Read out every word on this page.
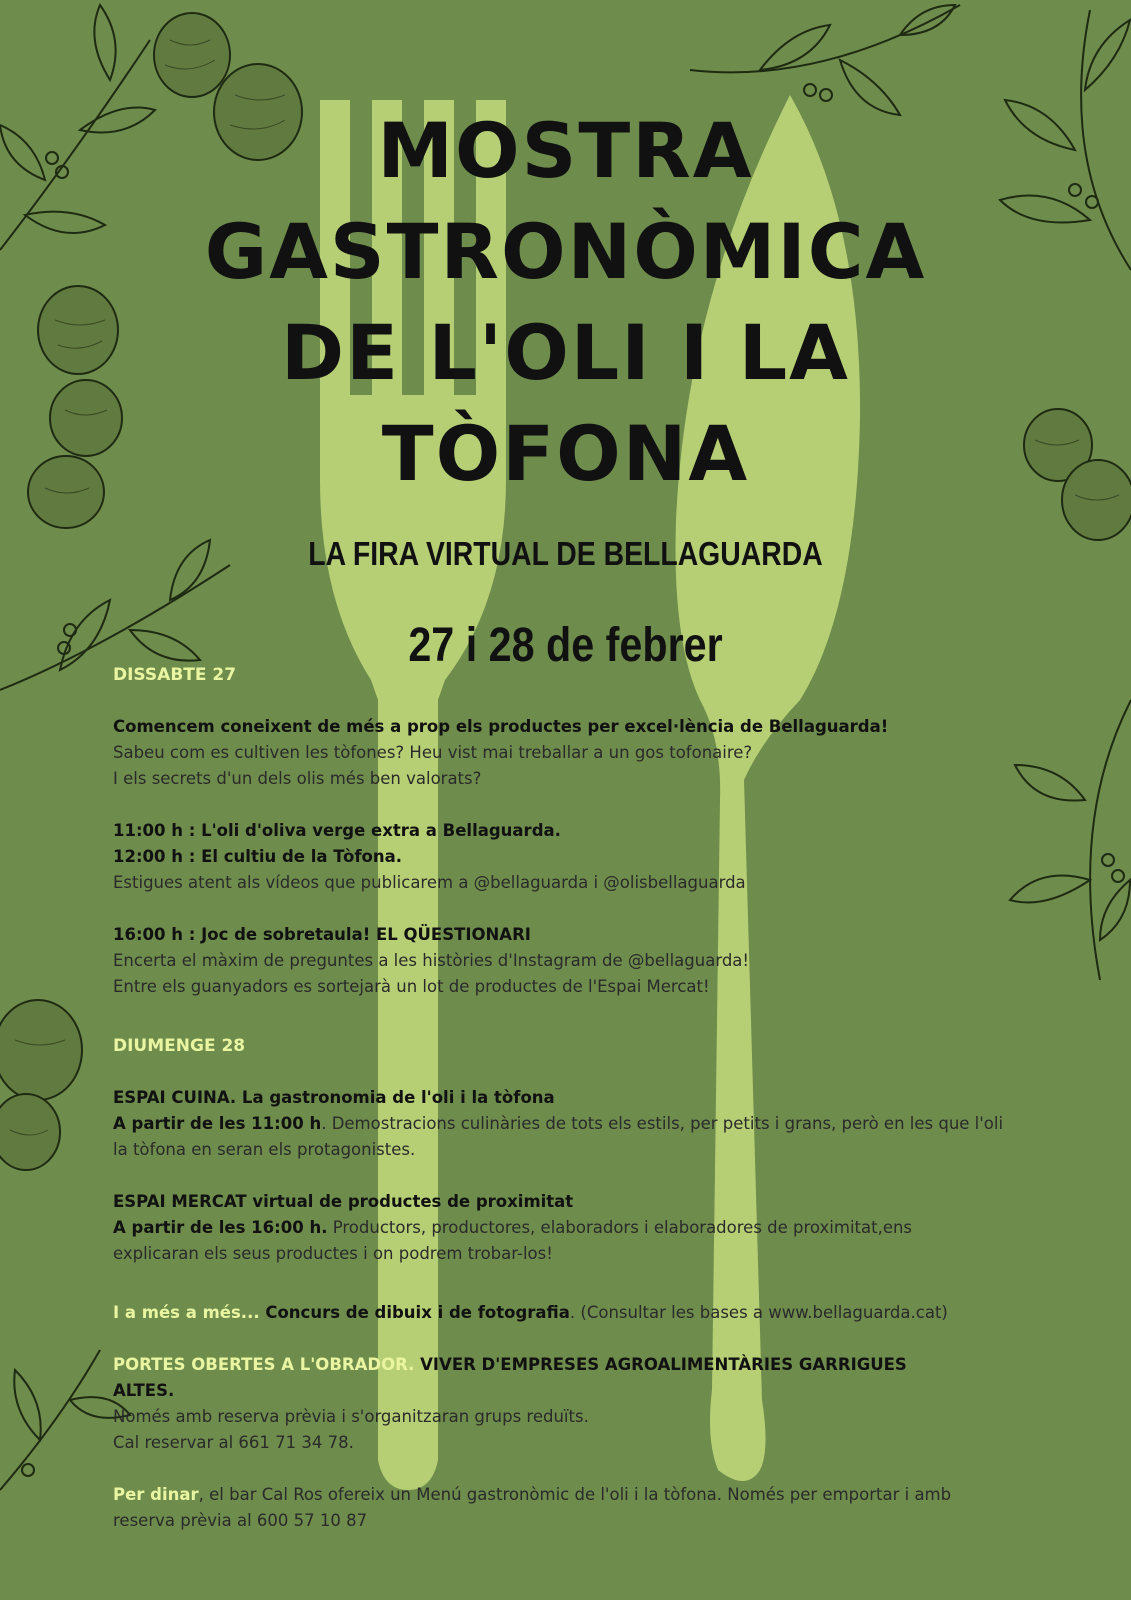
MOSTRA
GASTRONÒMICA
DE L'OLI I LA
TÒFONA
LA FIRA VIRTUAL DE BELLAGUARDA
27 i 28 de febrer

DISSABTE 27

Comencem coneixent de més a prop els productes per excel·lència de Bellaguarda!

Sabeu com es cultiven les tòfones? Heu vist mai treballar a un gos tofonaire?

I els secrets d'un dels olis més ben valorats?

11:00 h : L'oli d'oliva verge extra a Bellaguarda.

12:00 h : El cultiu de la Tòfona.

Estigues atent als vídeos que publicarem a @bellaguarda i @olisbellaguarda

16:00 h : Joc de sobretaula! EL QÜESTIONARI

Encerta el màxim de preguntes a les històries d'Instagram de @bellaguarda!

Entre els guanyadors es sortejarà un lot de productes de l'Espai Mercat!

DIUMENGE 28

ESPAI CUINA. La gastronomia de l'oli i la tòfona

A partir de les 11:00 h. Demostracions culinàries de tots els estils, per petits i grans, però en les que l'oli

la tòfona en seran els protagonistes.

ESPAI MERCAT virtual de productes de proximitat

A partir de les 16:00 h. Productors, productores, elaboradors i elaboradores de proximitat,ens

explicaran els seus productes i on podrem trobar-los!

I a més a més... Concurs de dibuix i de fotografia. (Consultar les bases a www.bellaguarda.cat)

PORTES OBERTES A L'OBRADOR. VIVER D'EMPRESES AGROALIMENTÀRIES GARRIGUES

ALTES.

Només amb reserva prèvia i s'organitzaran grups reduïts.

Cal reservar al 661 71 34 78.

Per dinar, el bar Cal Ros ofereix un Menú gastronòmic de l'oli i la tòfona. Només per emportar i amb

reserva prèvia al 600 57 10 87
